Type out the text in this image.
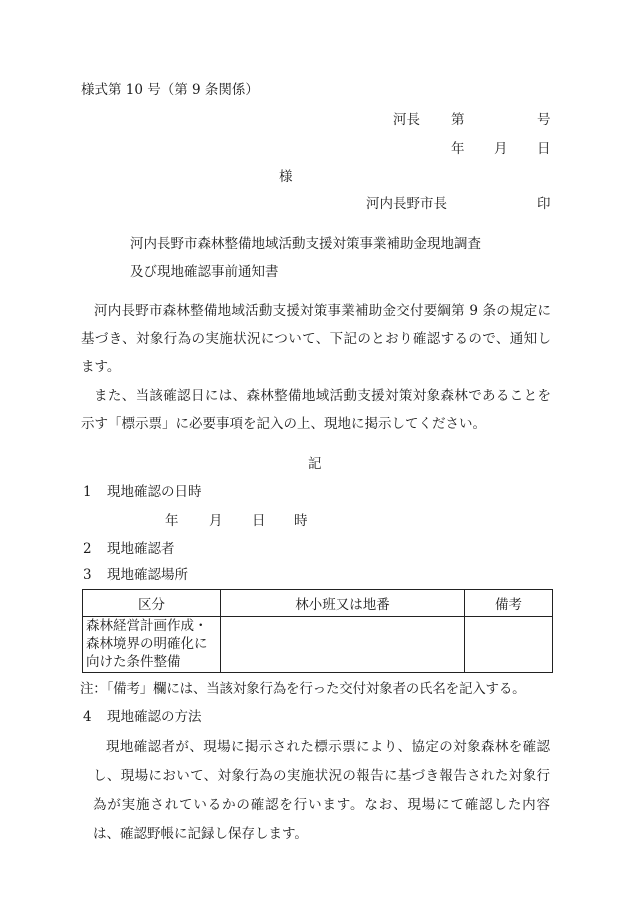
様式第 10 号（第 9 条関係）
河長 第	号
年 月 日
様
河内長野市長	印
河内長野市森林整備地域活動支援対策事業補助金現地調査
及び現地確認事前通知書
河内長野市森林整備地域活動支援対策事業補助金交付要綱第 9 条の規定に基づき、対象行為の実施状況について、下記のとおり確認するので、通知します。
また、当該確認日には、森林整備地域活動支援対策対象森林であることを示す「標示票」に必要事項を記入の上、現地に掲示してください。
記
1 現地確認の日時
年 月 日 時
2 現地確認者
3 現地確認場所
区分	林小班又は地番	備考
森林経営計画作成・
森林境界の明確化に
向けた条件整備		
注：「備考」欄には、当該対象行為を行った交付対象者の氏名を記入する。
4 現地確認の方法
現地確認者が、現場に掲示された標示票により、協定の対象森林を確認し、現場において、対象行為の実施状況の報告に基づき報告された対象行為が実施されているかの確認を行います。なお、現場にて確認した内容は、確認野帳に記録し保存します。
